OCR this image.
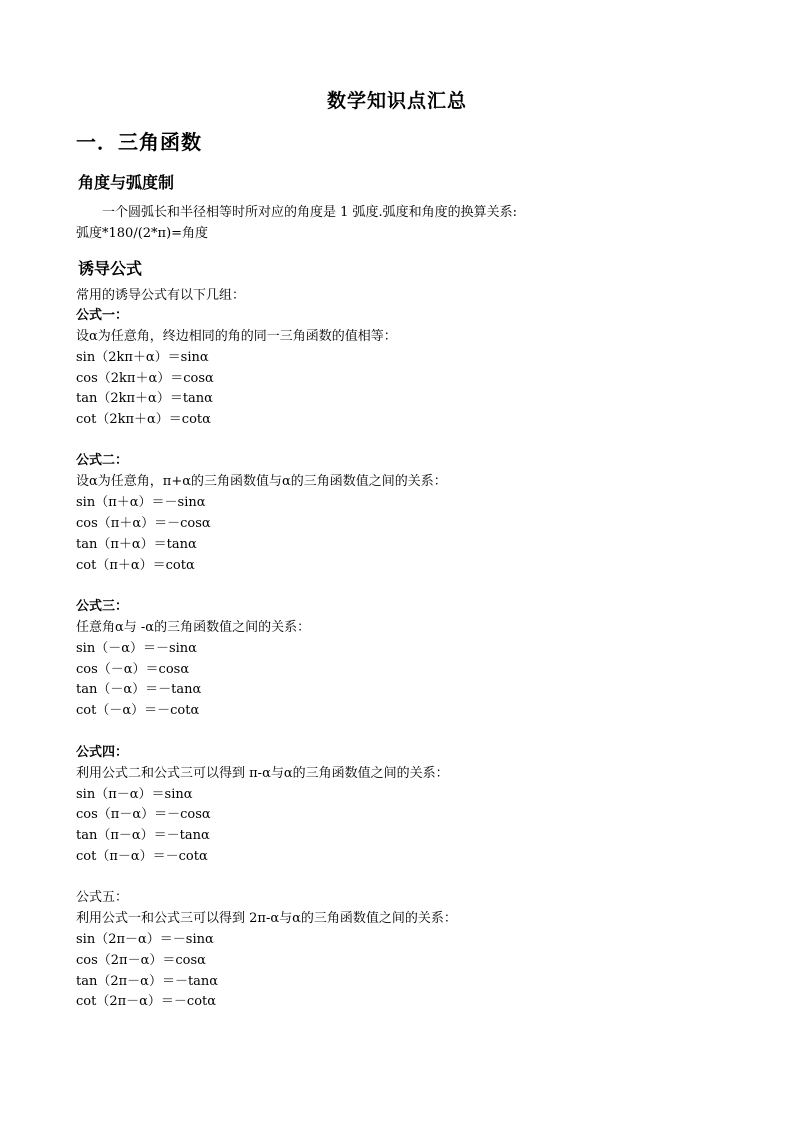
数学知识点汇总
一．三角函数
角度与弧度制
一个圆弧长和半径相等时所对应的角度是 1 弧度.弧度和角度的换算关系:
弧度*180/(2*π)=角度
诱导公式
常用的诱导公式有以下几组：
公式一：
设α为任意角，终边相同的角的同一三角函数的值相等：
sin（2kπ＋α）＝sinα
cos（2kπ＋α）＝cosα
tan（2kπ＋α）＝tanα
cot（2kπ＋α）＝cotα
公式二：
设α为任意角，π+α的三角函数值与α的三角函数值之间的关系：
sin（π＋α）＝－sinα
cos（π＋α）＝－cosα
tan（π＋α）＝tanα
cot（π＋α）＝cotα
公式三：
任意角α与 -α的三角函数值之间的关系：
sin（－α）＝－sinα
cos（－α）＝cosα
tan（－α）＝－tanα
cot（－α）＝－cotα
公式四：
利用公式二和公式三可以得到 π-α与α的三角函数值之间的关系：
sin（π－α）＝sinα
cos（π－α）＝－cosα
tan（π－α）＝－tanα
cot（π－α）＝－cotα
公式五：
利用公式一和公式三可以得到 2π-α与α的三角函数值之间的关系：
sin（2π－α）＝－sinα
cos（2π－α）＝cosα
tan（2π－α）＝－tanα
cot（2π－α）＝－cotα
